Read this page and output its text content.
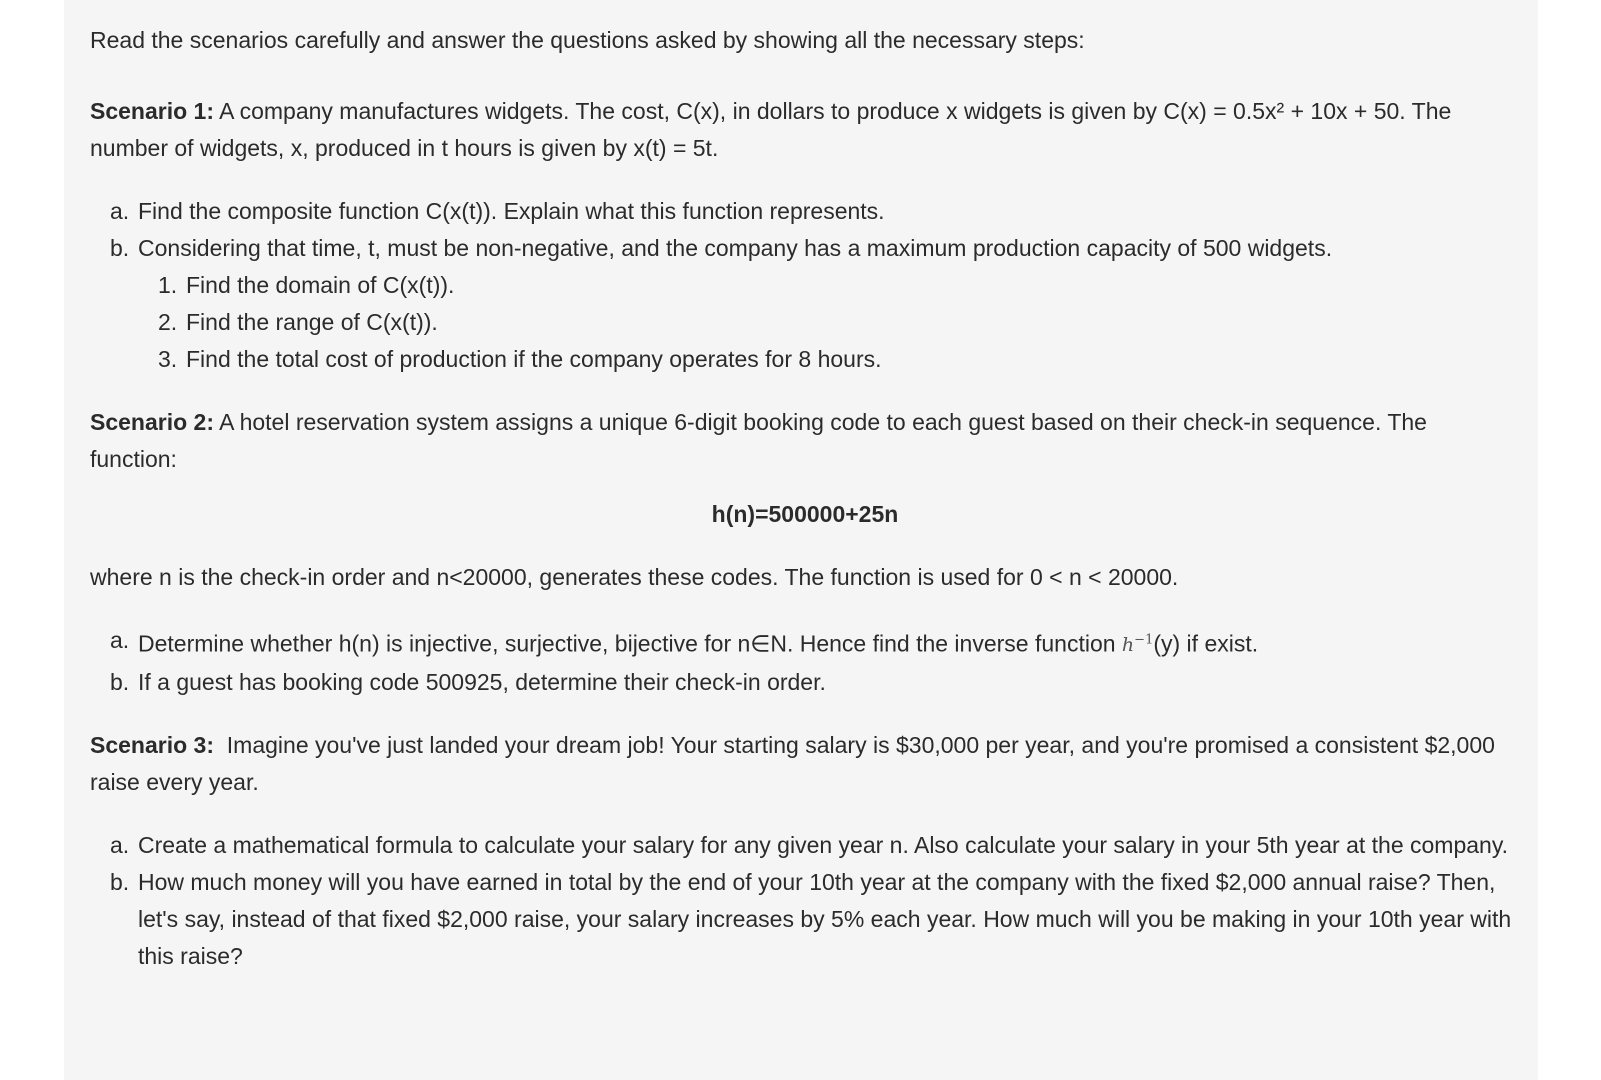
Read the scenarios carefully and answer the questions asked by showing all the necessary steps:

Scenario 1: A company manufactures widgets. The cost, C(x), in dollars to produce x widgets is given by C(x) = 0.5x² + 10x + 50. The number of widgets, x, produced in t hours is given by x(t) = 5t.

a. Find the composite function C(x(t)). Explain what this function represents.
b. Considering that time, t, must be non-negative, and the company has a maximum production capacity of 500 widgets.
1. Find the domain of C(x(t)).
2. Find the range of C(x(t)).
3. Find the total cost of production if the company operates for 8 hours.

Scenario 2: A hotel reservation system assigns a unique 6-digit booking code to each guest based on their check-in sequence. The function:

h(n)=500000+25n

where n is the check-in order and n<20000, generates these codes. The function is used for 0 < n < 20000.

a. Determine whether h(n) is injective, surjective, bijective for n∈N. Hence find the inverse function $h^{-1}(y)$ if exist.
b. If a guest has booking code 500925, determine their check-in order.

Scenario 3:  Imagine you've just landed your dream job! Your starting salary is $30,000 per year, and you're promised a consistent $2,000 raise every year.

a. Create a mathematical formula to calculate your salary for any given year n. Also calculate your salary in your 5th year at the company.
b. How much money will you have earned in total by the end of your 10th year at the company with the fixed $2,000 annual raise? Then, let's say, instead of that fixed $2,000 raise, your salary increases by 5% each year. How much will you be making in your 10th year with this raise?
